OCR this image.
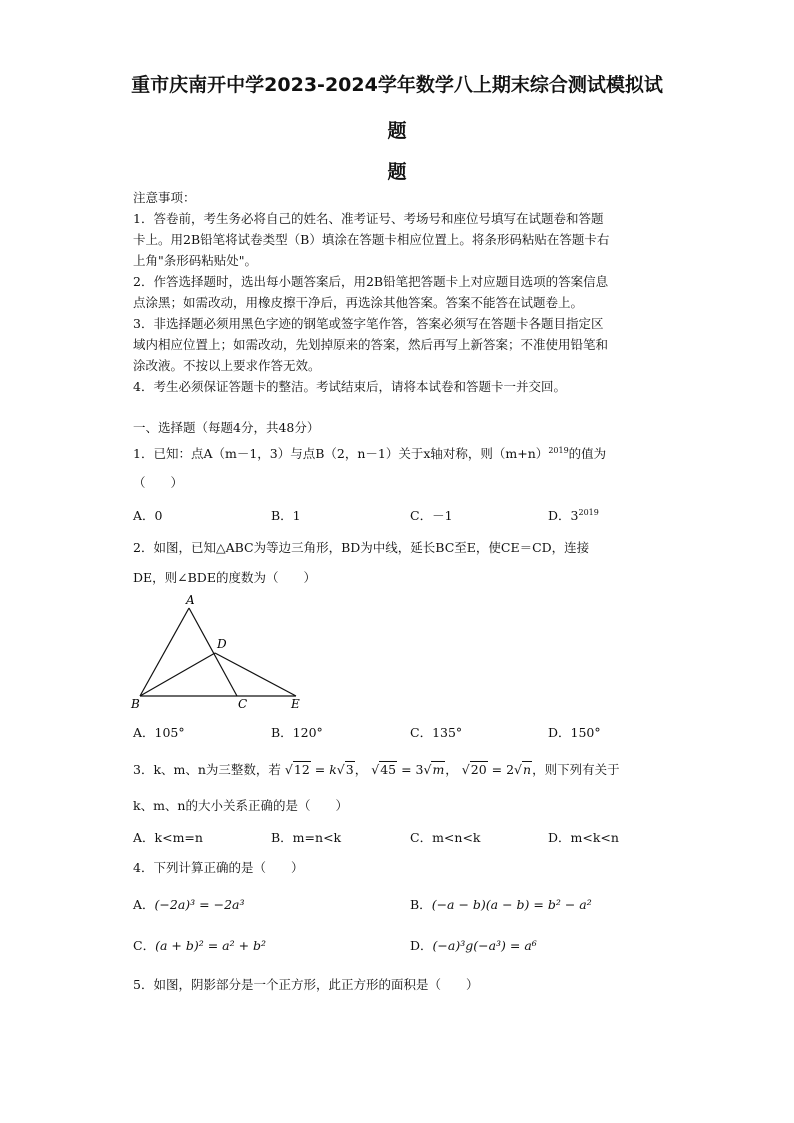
重市庆南开中学2023-2024学年数学八上期末综合测试模拟试
题
题
注意事项：
1．答卷前，考生务必将自己的姓名、准考证号、考场号和座位号填写在试题卷和答题
卡上。用2B铅笔将试卷类型（B）填涂在答题卡相应位置上。将条形码粘贴在答题卡右
上角"条形码粘贴处"。
2．作答选择题时，选出每小题答案后，用2B铅笔把答题卡上对应题目选项的答案信息
点涂黑；如需改动，用橡皮擦干净后，再选涂其他答案。答案不能答在试题卷上。
3．非选择题必须用黑色字迹的钢笔或签字笔作答，答案必须写在答题卡各题目指定区
域内相应位置上；如需改动，先划掉原来的答案，然后再写上新答案；不准使用铅笔和
涂改液。不按以上要求作答无效。
4．考生必须保证答题卡的整洁。考试结束后，请将本试卷和答题卡一并交回。
一、选择题（每题4分，共48分）
1．已知：点A（m－1，3）与点B（2，n－1）关于x轴对称，则$(m+n)^{2019}$的值为
（　　）
A．0	B．1	C．－1	D．$3^{2019}$
2．如图，已知△ABC为等边三角形，BD为中线，延长BC至E，使CE＝CD，连接
DE，则∠BDE的度数为（　　）
A
D
B	C	E
A．105°	B．120°	C．135°	D．150°
3．k、m、n为三整数，若 √12 = k√3， √45 = 3√m， √20 = 2√n，则下列有关于
k、m、n的大小关系正确的是（　　）
A．k<m=n	B．m=n<k	C．m<n<k	D．m<k<n
4．下列计算正确的是（　　）
A．(−2a)³ = −2a³	B．(−a − b)(a − b) = b² − a²
C．(a + b)² = a² + b²	D．(−a)³g(−a³) = a⁶
5．如图，阴影部分是一个正方形，此正方形的面积是（　　）
